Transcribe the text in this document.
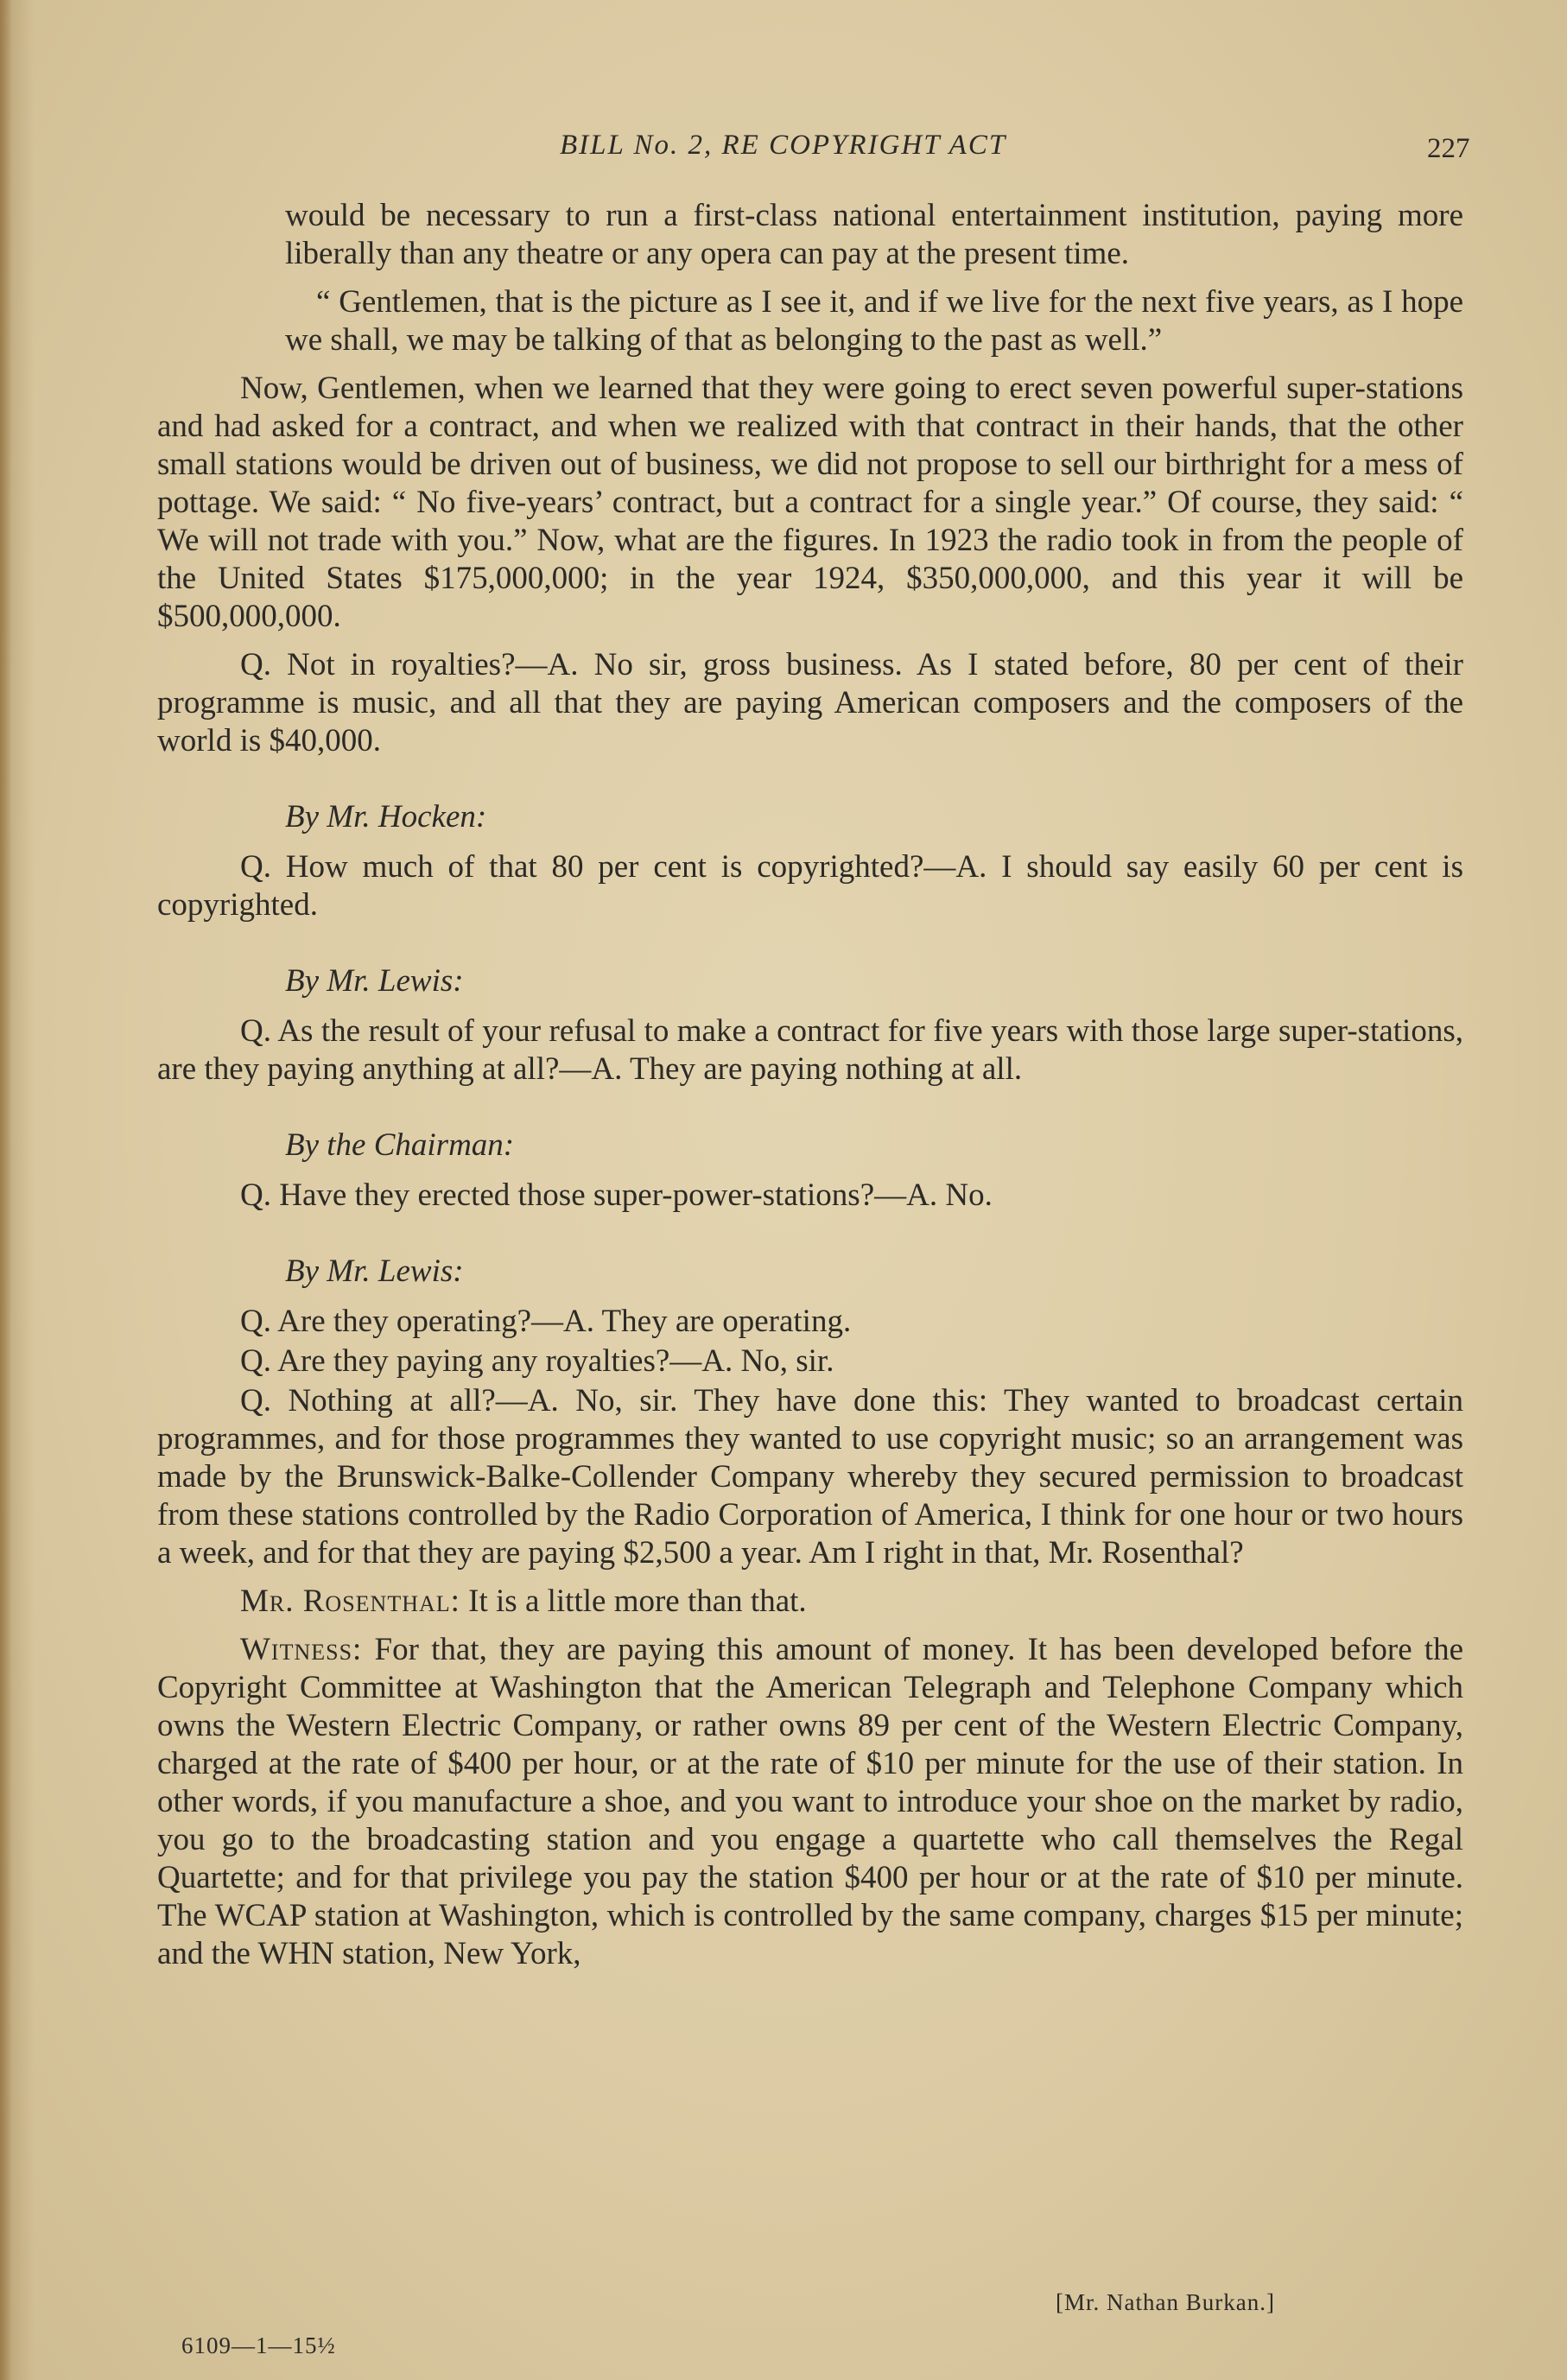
BILL No. 2, RE COPYRIGHT ACT	227

would be necessary to run a first-class national entertainment institution, paying more liberally than any theatre or any opera can pay at the present time.

“ Gentlemen, that is the picture as I see it, and if we live for the next five years, as I hope we shall, we may be talking of that as belonging to the past as well.”

Now, Gentlemen, when we learned that they were going to erect seven powerful super-stations and had asked for a contract, and when we realized with that contract in their hands, that the other small stations would be driven out of business, we did not propose to sell our birthright for a mess of pottage. We said: “ No five-years’ contract, but a contract for a single year.” Of course, they said: “ We will not trade with you.” Now, what are the figures. In 1923 the radio took in from the people of the United States $175,000,000; in the year 1924, $350,000,000, and this year it will be $500,000,000.

Q. Not in royalties?—A. No sir, gross business. As I stated before, 80 per cent of their programme is music, and all that they are paying American composers and the composers of the world is $40,000.

By Mr. Hocken:

Q. How much of that 80 per cent is copyrighted?—A. I should say easily 60 per cent is copyrighted.

By Mr. Lewis:

Q. As the result of your refusal to make a contract for five years with those large super-stations, are they paying anything at all?—A. They are paying nothing at all.

By the Chairman:

Q. Have they erected those super-power-stations?—A. No.

By Mr. Lewis:

Q. Are they operating?—A. They are operating.

Q. Are they paying any royalties?—A. No, sir.

Q. Nothing at all?—A. No, sir. They have done this: They wanted to broadcast certain programmes, and for those programmes they wanted to use copyright music; so an arrangement was made by the Brunswick-Balke-Collender Company whereby they secured permission to broadcast from these stations controlled by the Radio Corporation of America, I think for one hour or two hours a week, and for that they are paying $2,500 a year. Am I right in that, Mr. Rosenthal?

Mr. Rosenthal: It is a little more than that.

Witness: For that, they are paying this amount of money. It has been developed before the Copyright Committee at Washington that the American Telegraph and Telephone Company which owns the Western Electric Company, or rather owns 89 per cent of the Western Electric Company, charged at the rate of $400 per hour, or at the rate of $10 per minute for the use of their station. In other words, if you manufacture a shoe, and you want to introduce your shoe on the market by radio, you go to the broadcasting station and you engage a quartette who call themselves the Regal Quartette; and for that privilege you pay the station $400 per hour or at the rate of $10 per minute. The WCAP station at Washington, which is controlled by the same company, charges $15 per minute; and the WHN station, New York,

[Mr. Nathan Burkan.]
6109—1—15½
